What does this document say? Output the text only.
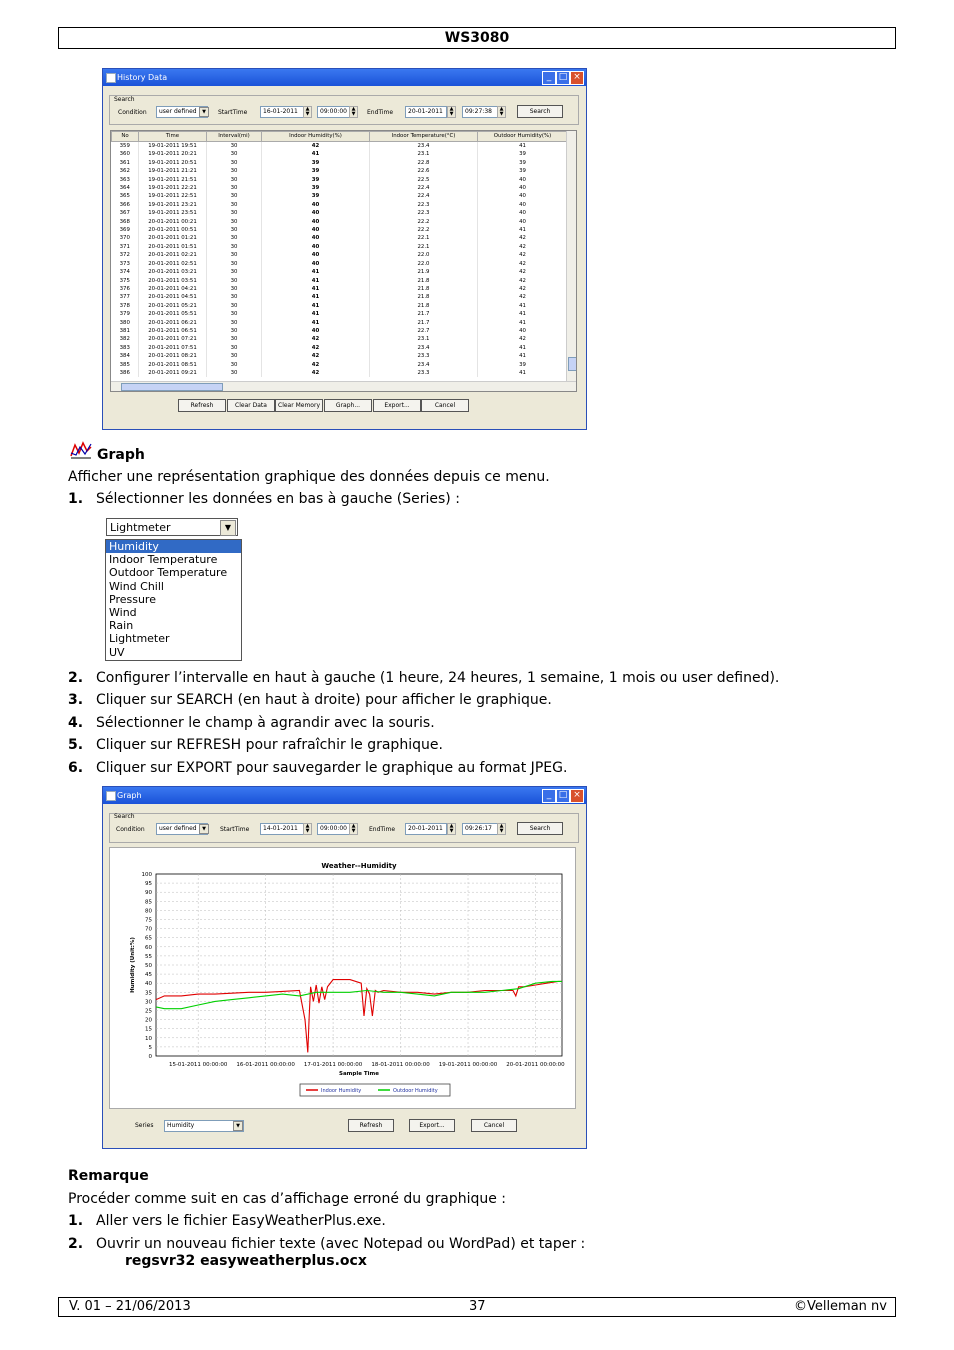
WS3080
History Data	_ □ ×
Search
Condition	user defined	▼	StartTime	16-01-2011	▲
▼	09:00:00 ▲
▼	EndTime	20-01-2011	▲
▼	09:27:38	▲
▼	Search
No	Time	Interval(mi)	Indoor Humidity(%)	Indoor Temperature(°C)	Outdoor Humidity(%)
359	19-01-2011 19:51	30	42	23.4	41
360	19-01-2011 20:21	30	41	23.1	39
361	19-01-2011 20:51	30	39	22.8	39
362	19-01-2011 21:21	30	39	22.6	39
363	19-01-2011 21:51	30	39	22.5	40
364	19-01-2011 22:21	30	39	22.4	40
365	19-01-2011 22:51	30	39	22.4	40
366	19-01-2011 23:21	30	40	22.3	40
367	19-01-2011 23:51	30	40	22.3	40
368	20-01-2011 00:21	30	40	22.2	40
369	20-01-2011 00:51	30	40	22.2	41
370	20-01-2011 01:21	30	40	22.1	42
371	20-01-2011 01:51	30	40	22.1	42
372	20-01-2011 02:21	30	40	22.0	42
373	20-01-2011 02:51	30	40	22.0	42
374	20-01-2011 03:21	30	41	21.9	42
375	20-01-2011 03:51	30	41	21.8	42
376	20-01-2011 04:21	30	41	21.8	42
377	20-01-2011 04:51	30	41	21.8	42
378	20-01-2011 05:21	30	41	21.8	41
379	20-01-2011 05:51	30	41	21.7	41
380	20-01-2011 06:21	30	41	21.7	41
381	20-01-2011 06:51	30	40	22.7	40
382	20-01-2011 07:21	30	42	23.1	42
383	20-01-2011 07:51	30	42	23.4	41
384	20-01-2011 08:21	30	42	23.3	41
385	20-01-2011 08:51	30	42	23.4	39
386	20-01-2011 09:21	30	42	23.3	41
Refresh	Clear Data	Clear Memory	Graph...	Export...	Cancel

Graph

Afficher une représentation graphique des données depuis ce menu.

1. Sélectionner les données en bas à gauche (Series) :
Lightmeter	▼
Humidity
Indoor Temperature
Outdoor Temperature
Wind Chill
Pressure
Wind
Rain
Lightmeter
UV
2. Configurer l’intervalle en haut à gauche (1 heure, 24 heures, 1 semaine, 1 mois ou user defined).
3. Cliquer sur SEARCH (en haut à droite) pour afficher le graphique.
4. Sélectionner le champ à agrandir avec la souris.
5. Cliquer sur REFRESH pour rafraîchir le graphique.
6. Cliquer sur EXPORT pour sauvegarder le graphique au format JPEG.
Graph	_ □ ×
Search
Condition	user defined	▼	StartTime	14-01-2011	▲
▼	09:00:00 ▲
▼	EndTime	20-01-2011	▲
▼	09:26:17	▲
▼	Search
0
5
10
15
20
25
30
35
40
45
50
55
60
65
70
75
80
85
90
95
100
15-01-2011 00:00:00 16-01-2011 00:00:00 17-01-2011 00:00:00 18-01-2011 00:00:00 19-01-2011 00:00:00 20-01-2011 00:00:00
Weather--Humidity
Sample Time
Humidity (Unit:%)
Indoor Humidity	Outdoor Humidity
Series	Humidity	▼	Refresh	Export...	Cancel

Remarque

Procéder comme suit en cas d’affichage erroné du graphique :

1. Aller vers le fichier EasyWeatherPlus.exe.
2. Ouvrir un nouveau fichier texte (avec Notepad ou WordPad) et taper :

regsvr32 easyweatherplus.ocx

V. 01 – 21/06/2013	37	©Velleman nv
